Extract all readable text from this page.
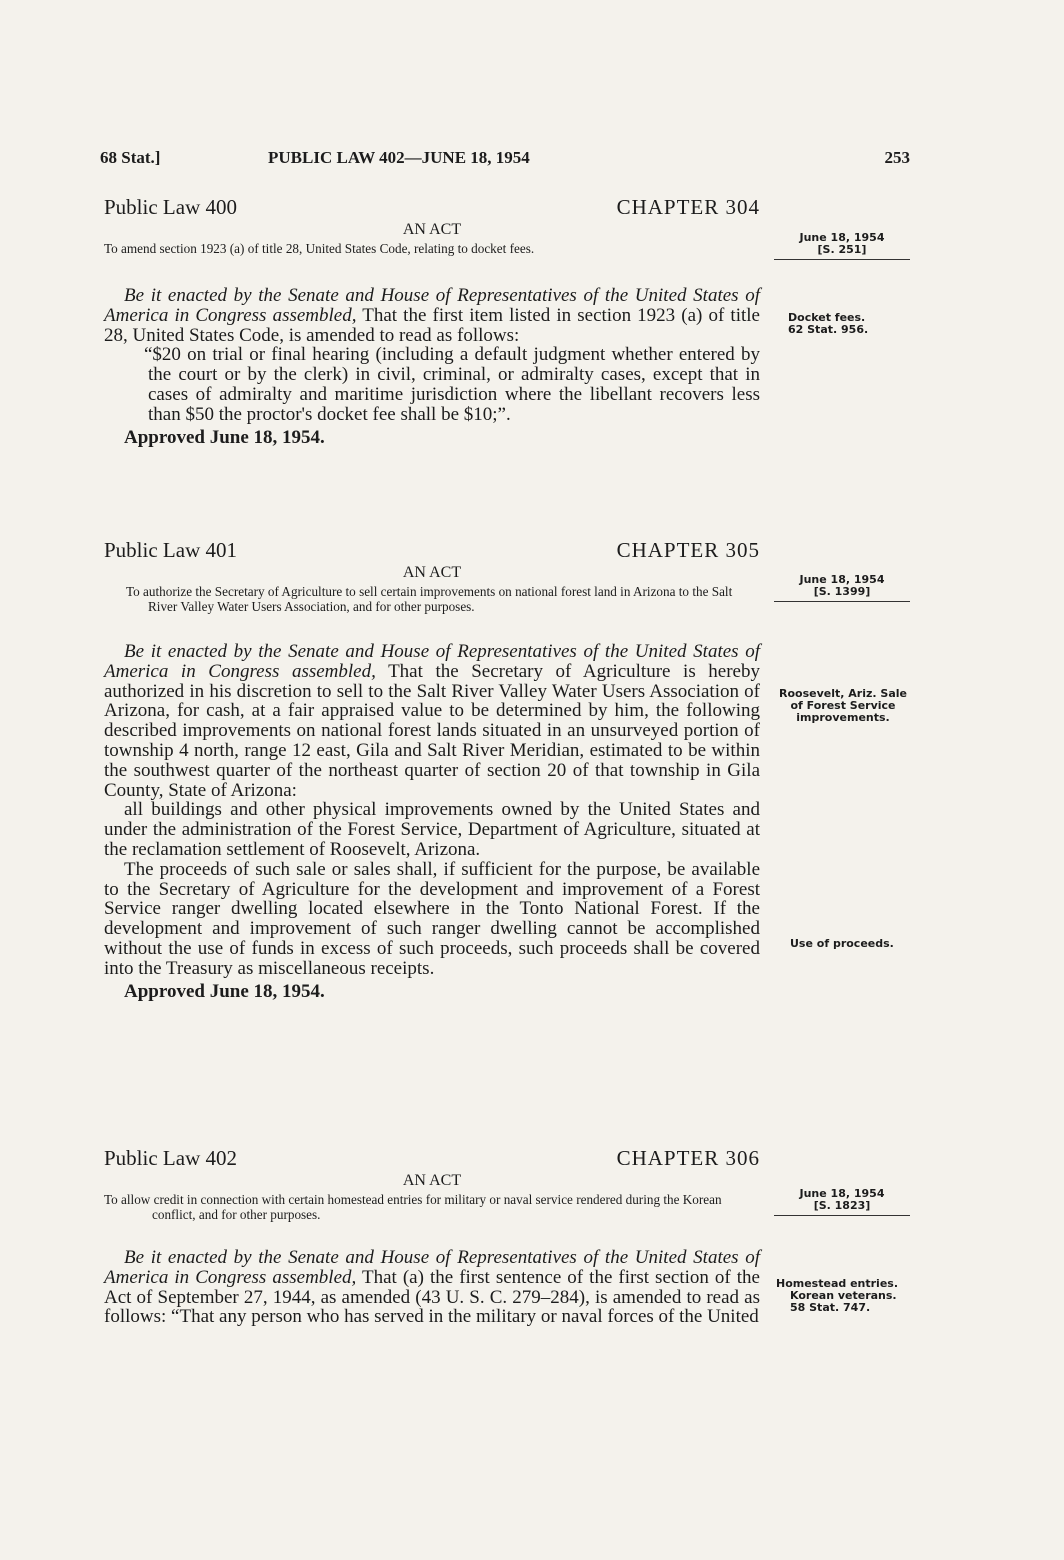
68 Stat.]	PUBLIC LAW 402—JUNE 18, 1954	253
Public Law 400	CHAPTER 304
AN ACT
To amend section 1923 (a) of title 28, United States Code, relating to docket fees.

Be it enacted by the Senate and House of Representatives of the United States of America in Congress assembled, That the first item listed in section 1923 (a) of title 28, United States Code, is amended to read as follows:

“$20 on trial or final hearing (including a default judgment whether entered by the court or by the clerk) in civil, criminal, or admiralty cases, except that in cases of admiralty and maritime jurisdiction where the libellant recovers less than $50 the proctor's docket fee shall be $10;”.

Approved June 18, 1954.
Public Law 401	CHAPTER 305
AN ACT
To authorize the Secretary of Agriculture to sell certain improvements on national forest land in Arizona to the Salt River Valley Water Users Association, and for other purposes.

Be it enacted by the Senate and House of Representatives of the United States of America in Congress assembled, That the Secretary of Agriculture is hereby authorized in his discretion to sell to the Salt River Valley Water Users Association of Arizona, for cash, at a fair appraised value to be determined by him, the following described improvements on national forest lands situated in an unsurveyed portion of township 4 north, range 12 east, Gila and Salt River Meridian, estimated to be within the southwest quarter of the northeast quarter of section 20 of that township in Gila County, State of Arizona:

all buildings and other physical improvements owned by the United States and under the administration of the Forest Service, Department of Agriculture, situated at the reclamation settlement of Roosevelt, Arizona.

The proceeds of such sale or sales shall, if sufficient for the purpose, be available to the Secretary of Agriculture for the development and improvement of a Forest Service ranger dwelling located elsewhere in the Tonto National Forest. If the development and improvement of such ranger dwelling cannot be accomplished without the use of funds in excess of such proceeds, such proceeds shall be covered into the Treasury as miscellaneous receipts.

Approved June 18, 1954.
Public Law 402	CHAPTER 306
AN ACT
To allow credit in connection with certain homestead entries for military or naval service rendered during the Korean conflict, and for other purposes.

Be it enacted by the Senate and House of Representatives of the United States of America in Congress assembled, That (a) the first sentence of the first section of the Act of September 27, 1944, as amended (43 U. S. C. 279–284), is amended to read as follows: “That any person who has served in the military or naval forces of the United

June 18, 1954
[S. 251]
Docket fees.
62 Stat. 956.
June 18, 1954
[S. 1399]
Roosevelt, Ariz. Sale of Forest Service improvements.
Use of proceeds.
June 18, 1954
[S. 1823]
Homestead entries.
Korean veterans.
58 Stat. 747.
